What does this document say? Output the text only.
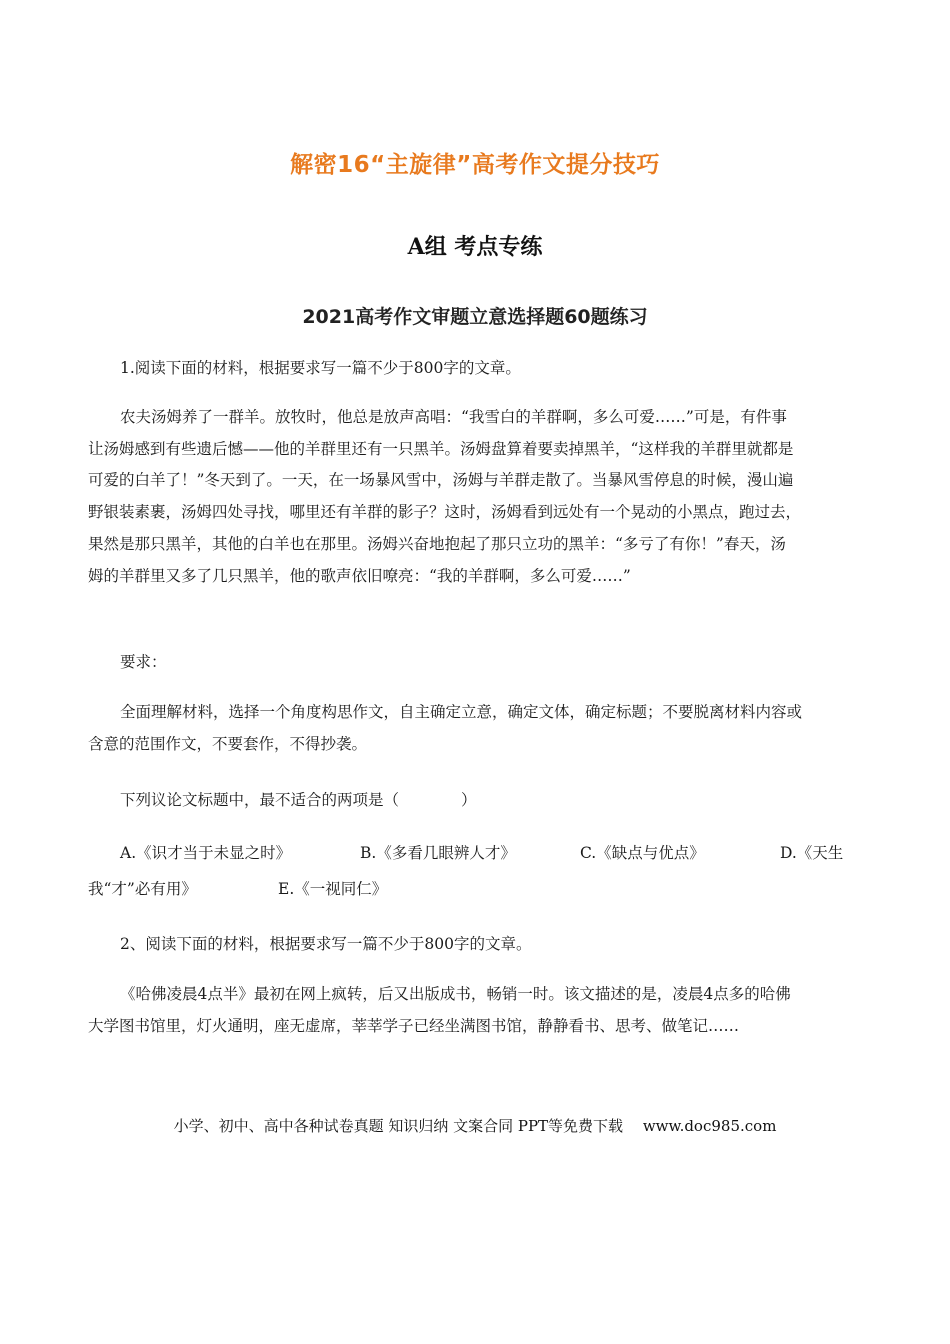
解密16“主旋律”高考作文提分技巧
A组 考点专练
2021高考作文审题立意选择题60题练习
1.阅读下面的材料，根据要求写一篇不少于800字的文章。
农夫汤姆养了一群羊。放牧时，他总是放声高唱：“我雪白的羊群啊，多么可爱……”可是，有件事
让汤姆感到有些遗后憾——他的羊群里还有一只黑羊。汤姆盘算着要卖掉黑羊，“这样我的羊群里就都是
可爱的白羊了！”冬天到了。一天，在一场暴风雪中，汤姆与羊群走散了。当暴风雪停息的时候，漫山遍
野银装素裹，汤姆四处寻找，哪里还有羊群的影子？这时，汤姆看到远处有一个晃动的小黑点，跑过去，
果然是那只黑羊，其他的白羊也在那里。汤姆兴奋地抱起了那只立功的黑羊：“多亏了有你！”春天，汤
姆的羊群里又多了几只黑羊，他的歌声依旧嘹亮：“我的羊群啊，多么可爱……”
要求：
全面理解材料，选择一个角度构思作文，自主确定立意，确定文体，确定标题；不要脱离材料内容或
含意的范围作文，不要套作，不得抄袭。
下列议论文标题中，最不适合的两项是（　　　　）
A.《识才当于未显之时》	B.《多看几眼辨人才》	C.《缺点与优点》	D.《天生
我“才”必有用》	E.《一视同仁》
2、阅读下面的材料，根据要求写一篇不少于800字的文章。
《哈佛凌晨4点半》最初在网上疯转，后又出版成书，畅销一时。该文描述的是，凌晨4点多的哈佛
大学图书馆里，灯火通明，座无虚席，莘莘学子已经坐满图书馆，静静看书、思考、做笔记……
小学、初中、高中各种试卷真题 知识归纳 文案合同 PPT等免费下载　 www.doc985.com
